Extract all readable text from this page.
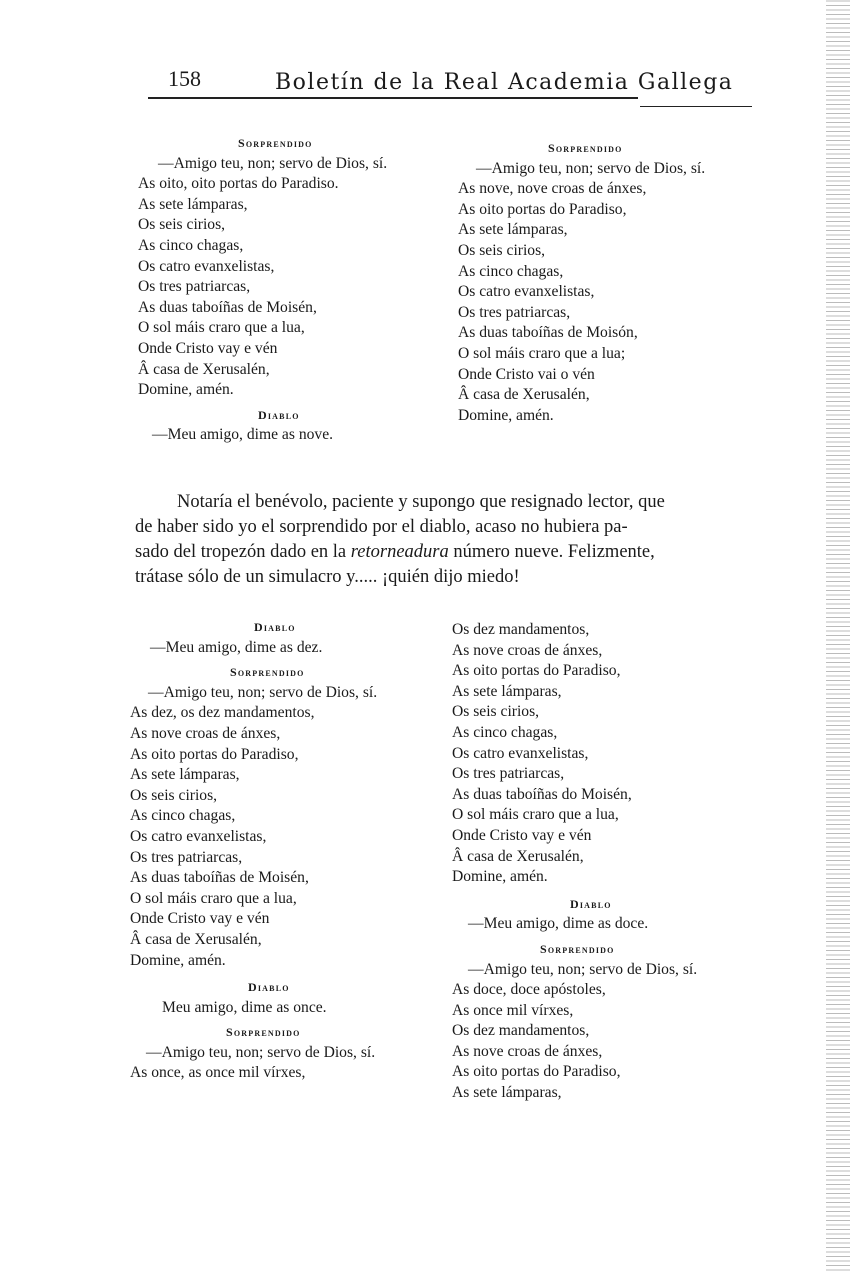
158	Boletín de la Real Academia Gallega
Sorprendido
—Amigo teu, non; servo de Dios, sí.
As oito, oito portas do Paradiso.
As sete lámparas,
Os seis cirios,
As cinco chagas,
Os catro evanxelistas,
Os tres patriarcas,
As duas taboíñas de Moisén,
O sol máis craro que a lua,
Onde Cristo vay e vén
Â casa de Xerusalén,
Domine, amén.
Diablo
—Meu amigo, dime as nove.
Sorprendido
—Amigo teu, non; servo de Dios, sí.
As nove, nove croas de ánxes,
As oito portas do Paradiso,
As sete lámparas,
Os seis cirios,
As cinco chagas,
Os catro evanxelistas,
Os tres patriarcas,
As duas taboíñas de Moisón,
O sol máis craro que a lua;
Onde Cristo vai o vén
Â casa de Xerusalén,
Domine, amén.
Notaría el benévolo, paciente y supongo que resignado lector, que
de haber sido yo el sorprendido por el diablo, acaso no hubiera pa-
sado del tropezón dado en la retorneadura número nueve. Felizmente,
trátase sólo de un simulacro y..... ¡quién dijo miedo!
Diablo
—Meu amigo, dime as dez.
Sorprendido
—Amigo teu, non; servo de Dios, sí.
As dez, os dez mandamentos,
As nove croas de ánxes,
As oito portas do Paradiso,
As sete lámparas,
Os seis cirios,
As cinco chagas,
Os catro evanxelistas,
Os tres patriarcas,
As duas taboíñas de Moisén,
O sol máis craro que a lua,
Onde Cristo vay e vén
Â casa de Xerusalén,
Domine, amén.
Diablo
Meu amigo, dime as once.
Sorprendido
—Amigo teu, non; servo de Dios, sí.
As once, as once mil vírxes,
Os dez mandamentos,
As nove croas de ánxes,
As oito portas do Paradiso,
As sete lámparas,
Os seis cirios,
As cinco chagas,
Os catro evanxelistas,
Os tres patriarcas,
As duas taboíñas do Moisén,
O sol máis craro que a lua,
Onde Cristo vay e vén
Â casa de Xerusalén,
Domine, amén.
Diablo
—Meu amigo, dime as doce.
Sorprendido
—Amigo teu, non; servo de Dios, sí.
As doce, doce apóstoles,
As once mil vírxes,
Os dez mandamentos,
As nove croas de ánxes,
As oito portas do Paradiso,
As sete lámparas,
